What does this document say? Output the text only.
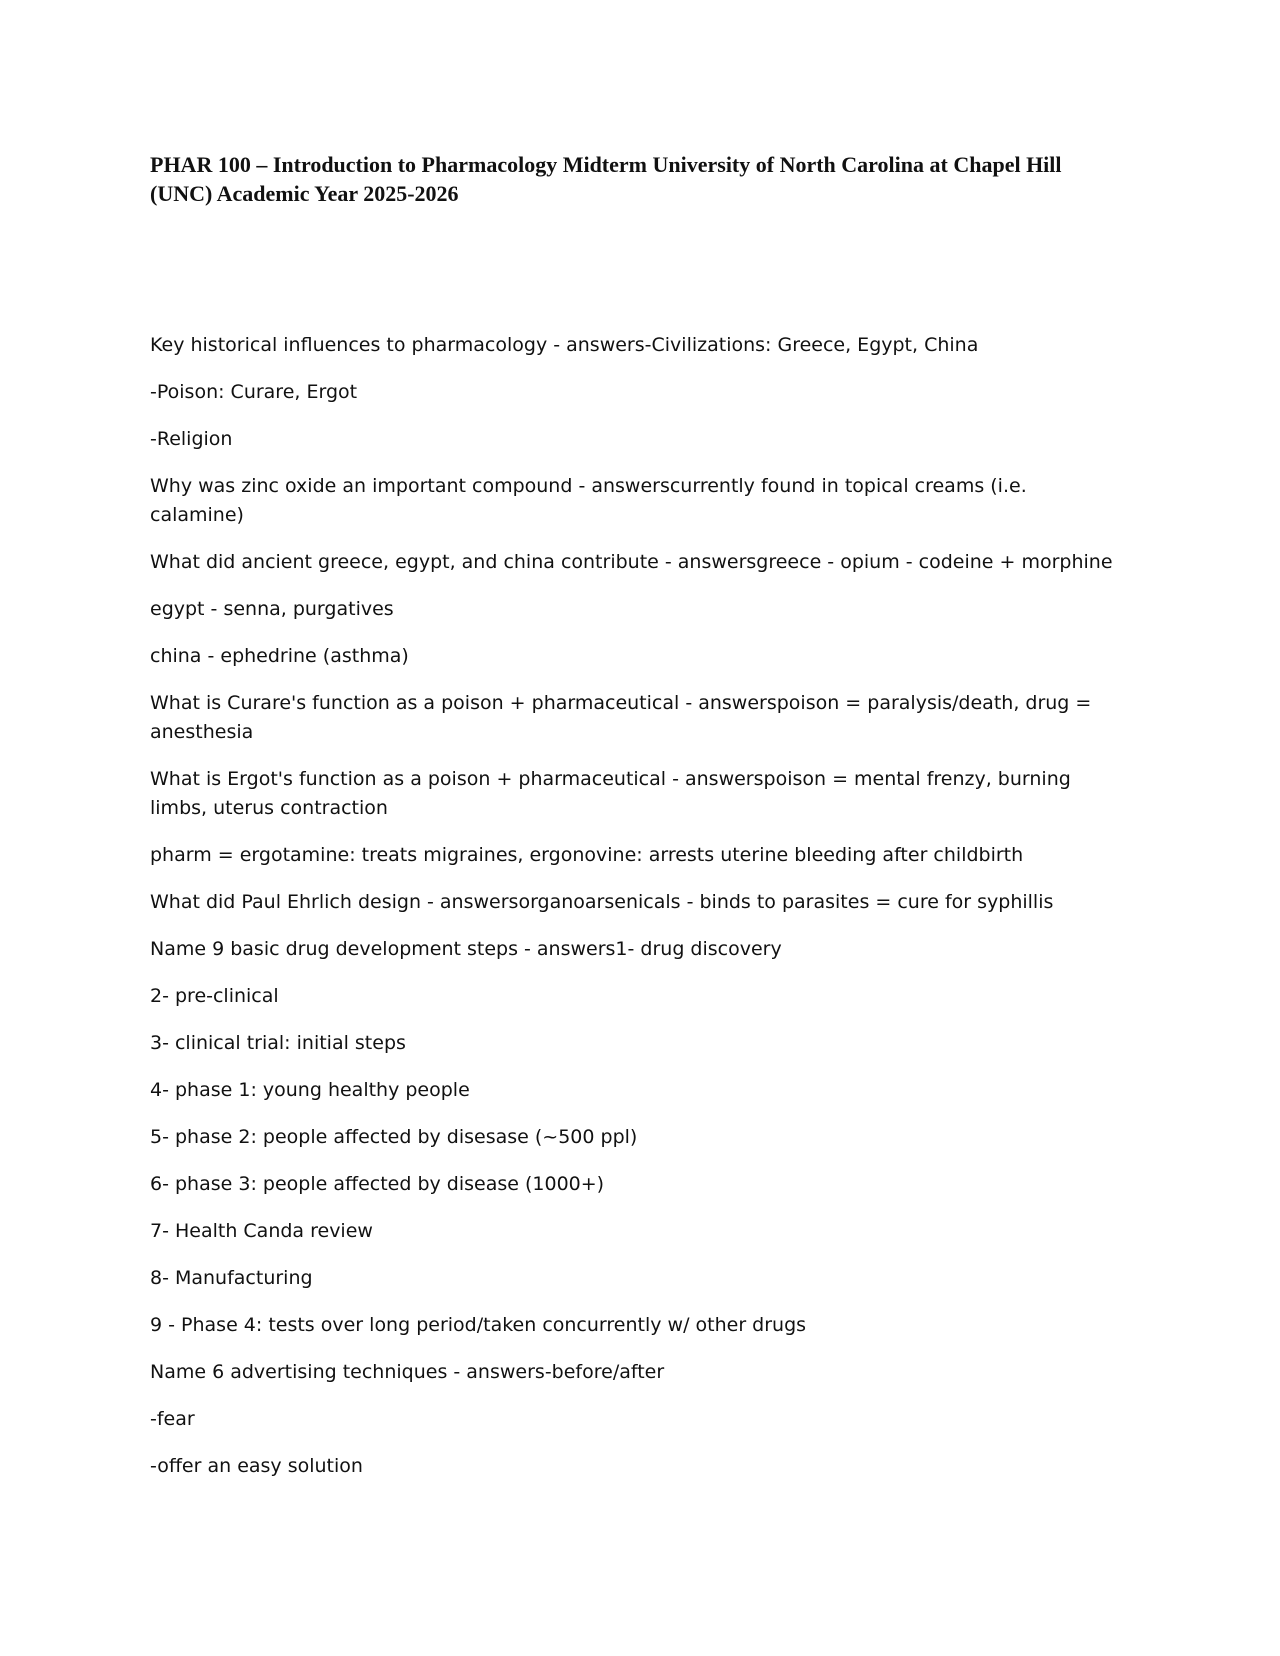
PHAR 100 – Introduction to Pharmacology Midterm University of North Carolina at Chapel Hill (UNC) Academic Year 2025-2026

Key historical influences to pharmacology - answers-Civilizations: Greece, Egypt, China

-Poison: Curare, Ergot

-Religion

Why was zinc oxide an important compound - answerscurrently found in topical creams (i.e. calamine)

What did ancient greece, egypt, and china contribute - answersgreece - opium - codeine + morphine

egypt - senna, purgatives

china - ephedrine (asthma)

What is Curare's function as a poison + pharmaceutical - answerspoison = paralysis/death, drug = anesthesia

What is Ergot's function as a poison + pharmaceutical - answerspoison = mental frenzy, burning limbs, uterus contraction

pharm = ergotamine: treats migraines, ergonovine: arrests uterine bleeding after childbirth

What did Paul Ehrlich design - answersorganoarsenicals - binds to parasites = cure for syphillis

Name 9 basic drug development steps - answers1- drug discovery

2- pre-clinical

3- clinical trial: initial steps

4- phase 1: young healthy people

5- phase 2: people affected by disesase (~500 ppl)

6- phase 3: people affected by disease (1000+)

7- Health Canda review

8- Manufacturing

9 - Phase 4: tests over long period/taken concurrently w/ other drugs

Name 6 advertising techniques - answers-before/after

-fear

-offer an easy solution
